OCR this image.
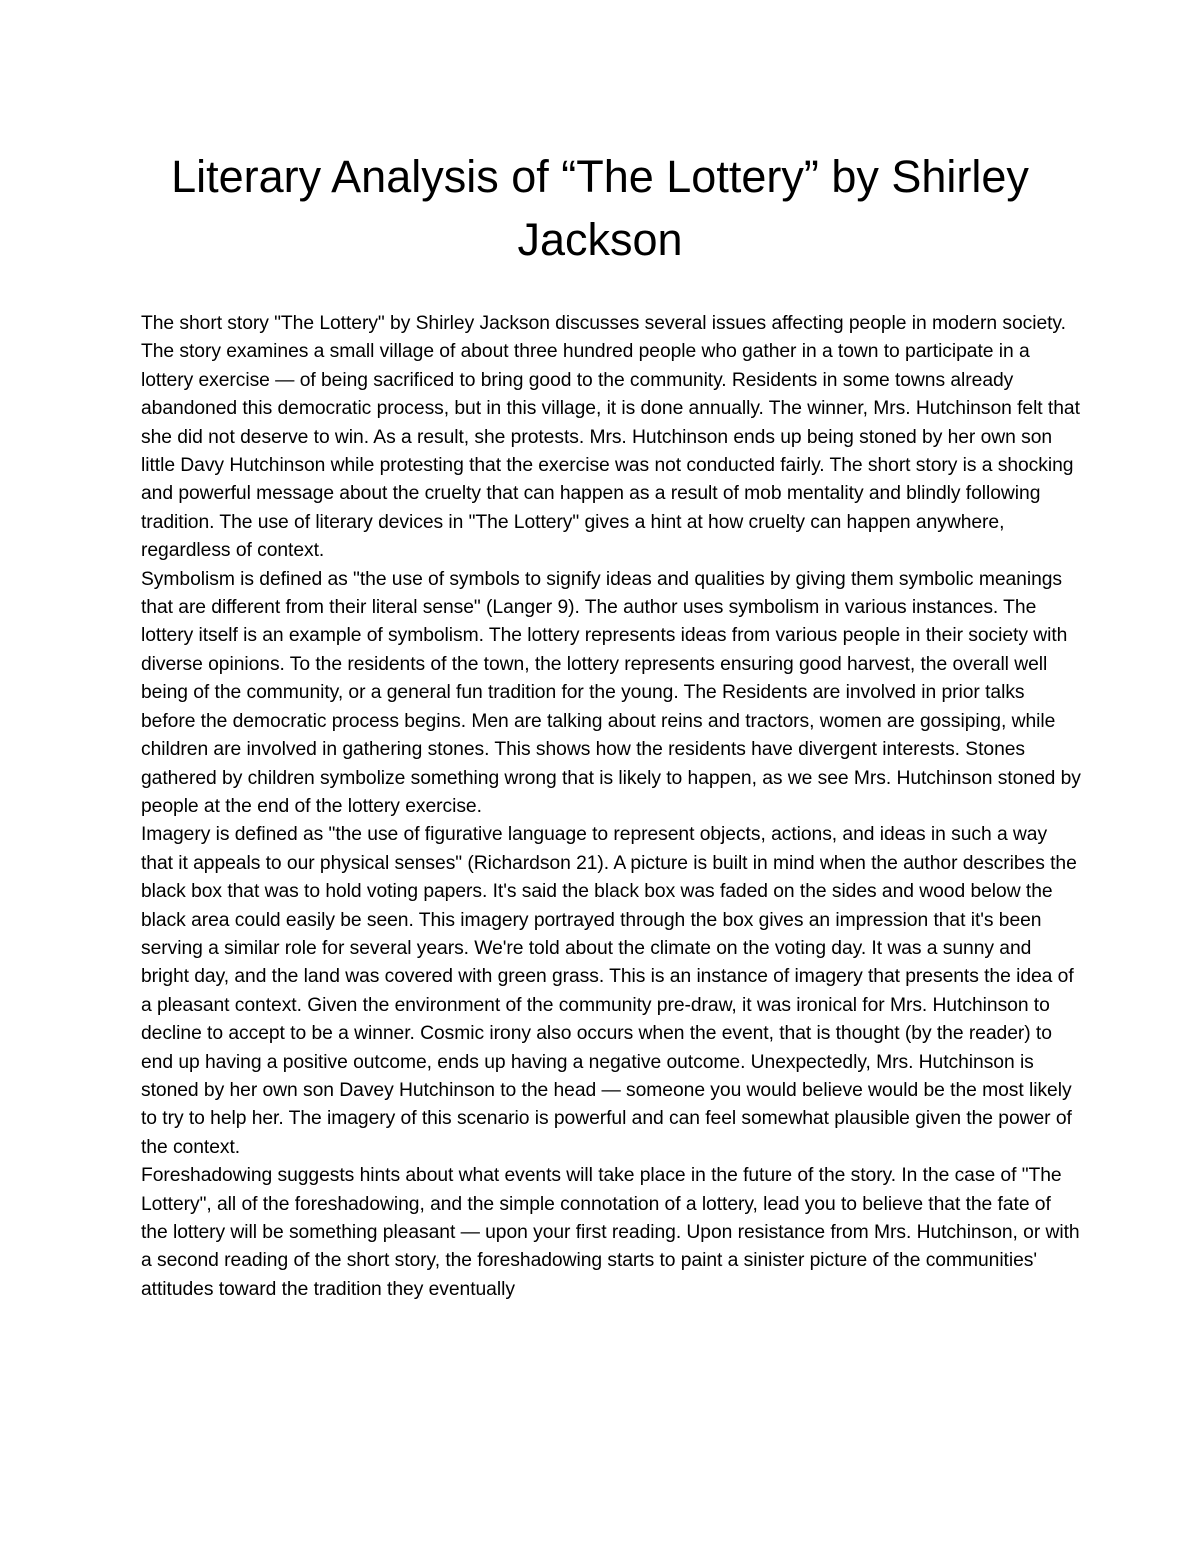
Literary Analysis of “The Lottery” by Shirley Jackson

The short story "The Lottery" by Shirley Jackson discusses several issues affecting people in modern society. The story examines a small village of about three hundred people who gather in a town to participate in a lottery exercise — of being sacrificed to bring good to the community. Residents in some towns already abandoned this democratic process, but in this village, it is done annually. The winner, Mrs. Hutchinson felt that she did not deserve to win. As a result, she protests. Mrs. Hutchinson ends up being stoned by her own son little Davy Hutchinson while protesting that the exercise was not conducted fairly. The short story is a shocking and powerful message about the cruelty that can happen as a result of mob mentality and blindly following tradition. The use of literary devices in "The Lottery" gives a hint at how cruelty can happen anywhere, regardless of context.

Symbolism is defined as "the use of symbols to signify ideas and qualities by giving them symbolic meanings that are different from their literal sense" (Langer 9). The author uses symbolism in various instances. The lottery itself is an example of symbolism. The lottery represents ideas from various people in their society with diverse opinions. To the residents of the town, the lottery represents ensuring good harvest, the overall well being of the community, or a general fun tradition for the young. The Residents are involved in prior talks before the democratic process begins. Men are talking about reins and tractors, women are gossiping, while children are involved in gathering stones. This shows how the residents have divergent interests. Stones gathered by children symbolize something wrong that is likely to happen, as we see Mrs. Hutchinson stoned by people at the end of the lottery exercise.

Imagery is defined as "the use of figurative language to represent objects, actions, and ideas in such a way that it appeals to our physical senses" (Richardson 21). A picture is built in mind when the author describes the black box that was to hold voting papers. It's said the black box was faded on the sides and wood below the black area could easily be seen. This imagery portrayed through the box gives an impression that it's been serving a similar role for several years. We're told about the climate on the voting day. It was a sunny and bright day, and the land was covered with green grass. This is an instance of imagery that presents the idea of a pleasant context. Given the environment of the community pre-draw, it was ironical for Mrs. Hutchinson to decline to accept to be a winner. Cosmic irony also occurs when the event, that is thought (by the reader) to end up having a positive outcome, ends up having a negative outcome. Unexpectedly, Mrs. Hutchinson is stoned by her own son Davey Hutchinson to the head — someone you would believe would be the most likely to try to help her. The imagery of this scenario is powerful and can feel somewhat plausible given the power of the context.

Foreshadowing suggests hints about what events will take place in the future of the story. In the case of "The Lottery", all of the foreshadowing, and the simple connotation of a lottery, lead you to believe that the fate of the lottery will be something pleasant — upon your first reading. Upon resistance from Mrs. Hutchinson, or with a second reading of the short story, the foreshadowing starts to paint a sinister picture of the communities' attitudes toward the tradition they eventually
